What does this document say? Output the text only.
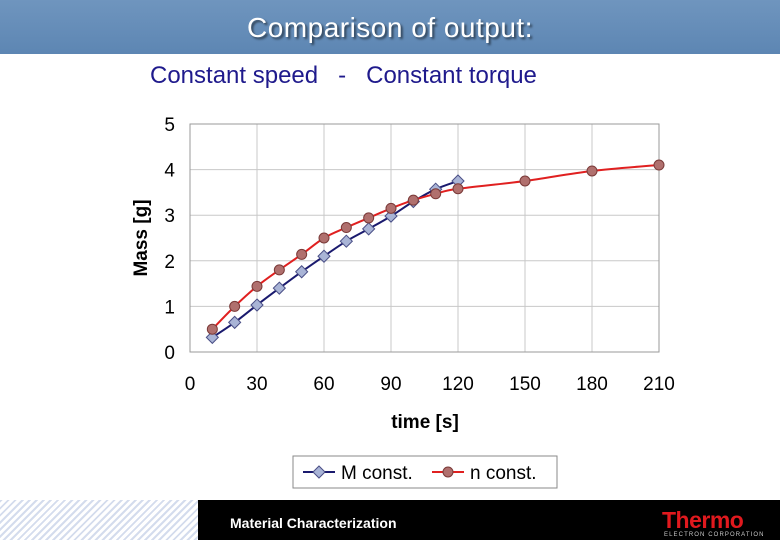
Comparison of output:
Constant speed   -   Constant torque
0	30 60 90 120 150 180 210
0
1
2
3
4
5
time [s]
Mass [g]
M const.	n const.
Material Characterization	Thermo
ELECTRON CORPORATION
